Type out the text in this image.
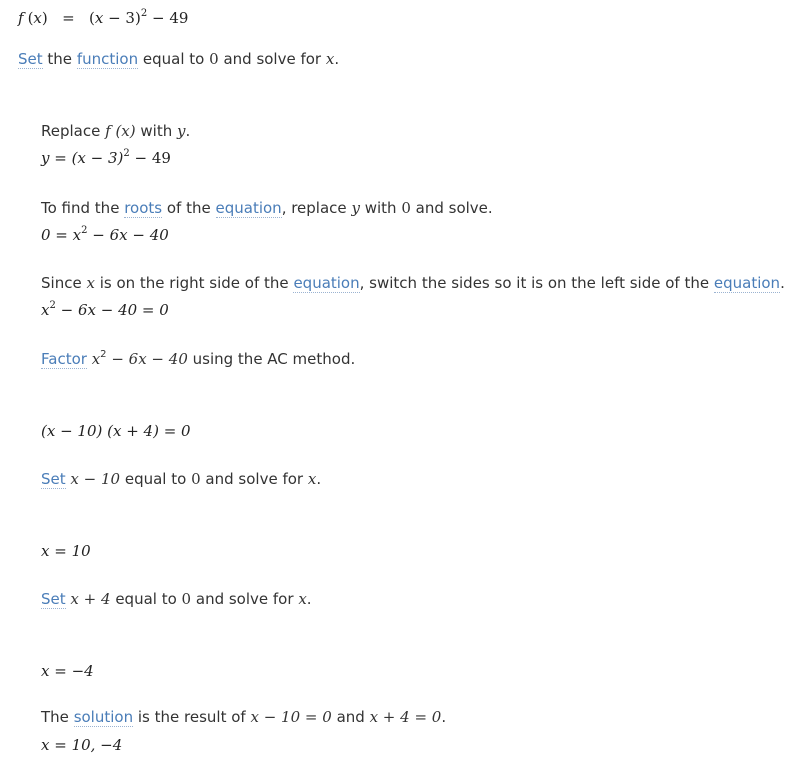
f $(x) = (x - 3)^2 - 49$
Set the function equal to 0 and solve for x.
Replace f (x) with y.
$y = (x - 3)^2 - 49$
To find the roots of the equation, replace y with 0 and solve.
$0 = x^2 - 6x - 40$
Since x is on the right side of the equation, switch the sides so it is on the left side of the equation.
$x^2 - 6x - 40 = 0$
Factor $x^2 - 6x - 40$ using the AC method.
(x − 10) (x + 4) = 0
Set x − 10 equal to 0 and solve for x.
x = 10
Set x + 4 equal to 0 and solve for x.
x = −4
The solution is the result of x − 10 = 0 and x + 4 = 0.
x = 10, −4
